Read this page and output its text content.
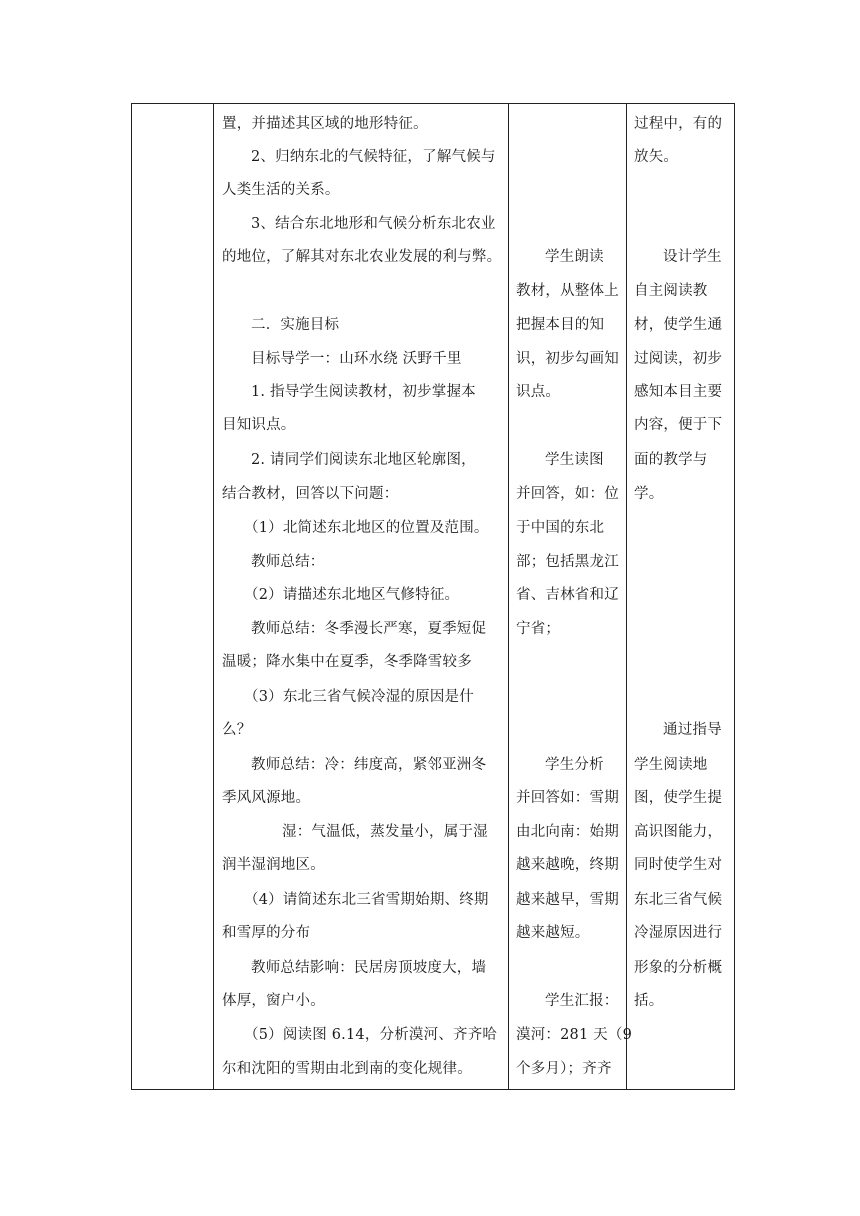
置，并描述其区域的地形特征。
2、归纳东北的气候特征，了解气候与
人类生活的关系。
3、结合东北地形和气候分析东北农业
的地位，了解其对东北农业发展的利与弊。
二．实施目标
目标导学一：山环水绕 沃野千里
1. 指导学生阅读教材，初步掌握本
目知识点。
2. 请同学们阅读东北地区轮廓图，
结合教材，回答以下问题：
（1）北简述东北地区的位置及范围。
教师总结：
（2）请描述东北地区气修特征。
教师总结：冬季漫长严寒，夏季短促
温暖；降水集中在夏季，冬季降雪较多
（3）东北三省气候冷湿的原因是什
么？
教师总结：冷：纬度高，紧邻亚洲冬
季风风源地。
湿：气温低，蒸发量小，属于湿
润半湿润地区。
（4）请简述东北三省雪期始期、终期
和雪厚的分布
教师总结影响：民居房顶坡度大，墙
体厚，窗户小。
（5）阅读图 6.14，分析漠河、齐齐哈
尔和沈阳的雪期由北到南的变化规律。
学生朗读
教材，从整体上
把握本目的知
识，初步勾画知
识点。
学生读图
并回答，如：位
于中国的东北
部；包括黑龙江
省、吉林省和辽
宁省；
学生分析
并回答如：雪期
由北向南：始期
越来越晚，终期
越来越早，雪期
越来越短。
学生汇报：
漠河：281 天（9
个多月）；齐齐
过程中，有的
放矢。
设计学生
自主阅读教
材，使学生通
过阅读，初步
感知本目主要
内容，便于下
面的教学与
学。
通过指导
学生阅读地
图，使学生提
高识图能力，
同时使学生对
东北三省气候
冷湿原因进行
形象的分析概
括。
